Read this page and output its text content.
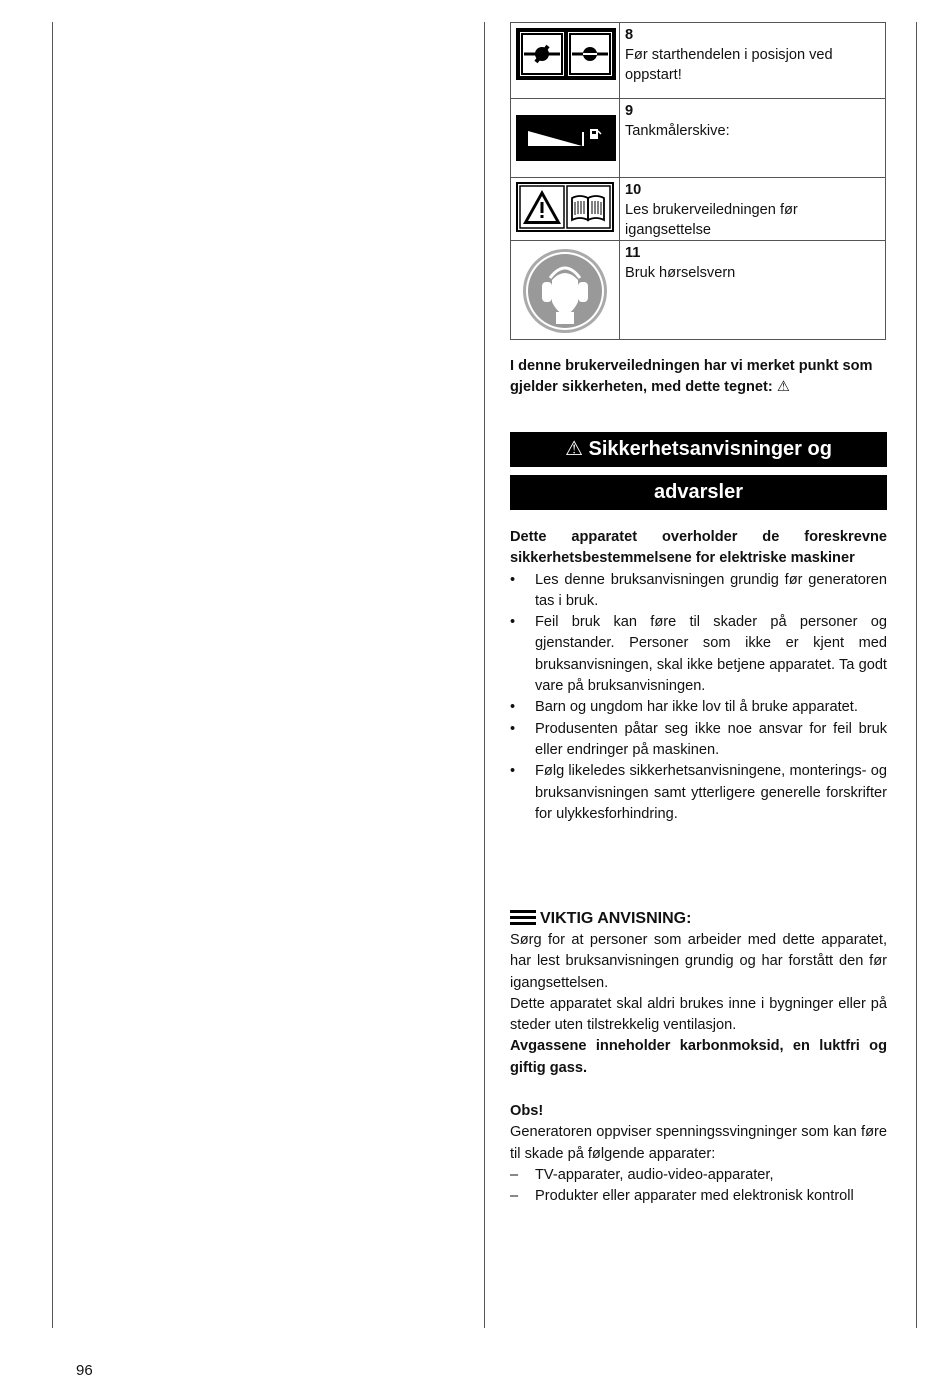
	8Før starthendelen i posisjon ved oppstart!

	9Tankmålerskive:

	10Les brukerveiledningen før igangsettelse

	11Bruk hørselsvern
I denne brukerveiledningen har vi merket punkt som gjelder sikkerheten, med dette tegnet: ⚠
⚠ Sikkerhetsanvisninger og
advarsler
Dette apparatet overholder de foreskrevne sikkerhetsbestemmelsene for elektriske maskiner
• Les denne bruksanvisningen grundig før generatoren tas i bruk.
• Feil bruk kan føre til skader på personer og gjenstander. Personer som ikke er kjent med bruksanvisningen, skal ikke betjene apparatet. Ta godt vare på bruksanvisningen.
• Barn og ungdom har ikke lov til å bruke apparatet.
• Produsenten påtar seg ikke noe ansvar for feil bruk eller endringer på maskinen.
• Følg likeledes sikkerhetsanvisningene, monterings- og bruksanvisningen samt ytterligere generelle forskrifter for ulykkesforhindring.
VIKTIG ANVISNING:
Sørg for at personer som arbeider med dette apparatet, har lest bruksanvisningen grundig og har forstått den før igangsettelsen.
Dette apparatet skal aldri brukes inne i bygninger eller på steder uten tilstrekkelig ventilasjon.
Avgassene inneholder karbonmoksid, en luktfri og giftig gass.
Obs!
Generatoren oppviser spenningssvingninger som kan føre til skade på følgende apparater:
– TV-apparater, audio-video-apparater,
– Produkter eller apparater med elektronisk kontroll
96
